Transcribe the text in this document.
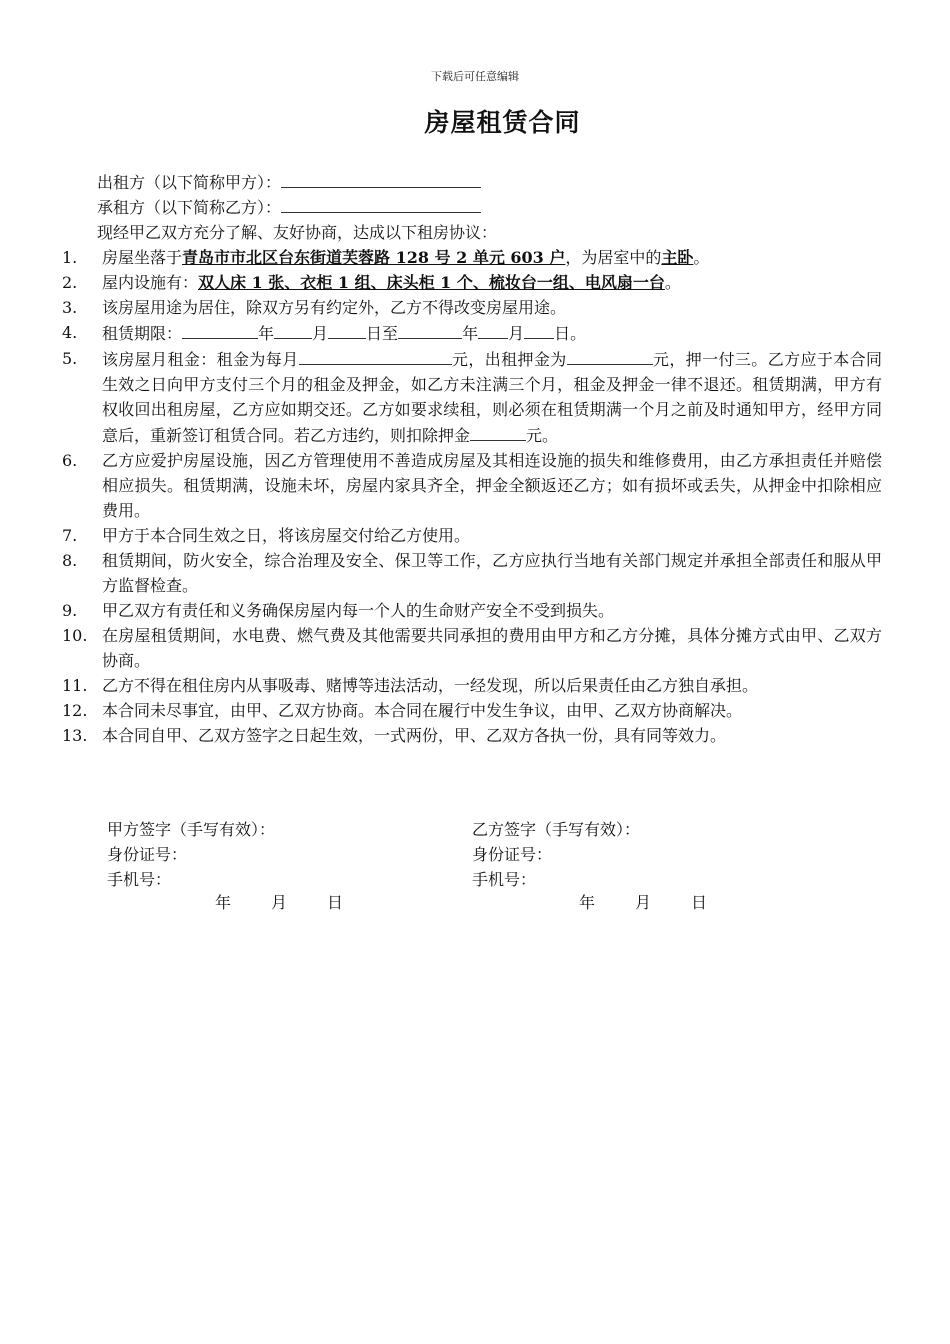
下载后可任意编辑
房屋租赁合同
出租方（以下简称甲方）：
承租方（以下简称乙方）：
现经甲乙双方充分了解、友好协商，达成以下租房协议：
1.	房屋坐落于青岛市市北区台东街道芙蓉路 128 号 2 单元 603 户，为居室中的主卧。
2.	屋内设施有：双人床 1 张、衣柜 1 组、床头柜 1 个、梳妆台一组、电风扇一台。
3.	该房屋用途为居住，除双方另有约定外，乙方不得改变房屋用途。
4.	租赁期限：	年 月 日至	年 月 日。
5.	该房屋月租金：租金为每月	元，出租押金为	元，押一付三。乙方应于本合同生效之日向甲方支付三个月的租金及押金，如乙方未注满三个月，租金及押金一律不退还。租赁期满，甲方有权收回出租房屋，乙方应如期交还。乙方如要求续租，则必须在租赁期满一个月之前及时通知甲方，经甲方同意后，重新签订租赁合同。若乙方违约，则扣除押金	元。
6.	乙方应爱护房屋设施，因乙方管理使用不善造成房屋及其相连设施的损失和维修费用，由乙方承担责任并赔偿相应损失。租赁期满，设施未坏，房屋内家具齐全，押金全额返还乙方；如有损坏或丢失，从押金中扣除相应费用。
7.	甲方于本合同生效之日，将该房屋交付给乙方使用。
8.	租赁期间，防火安全，综合治理及安全、保卫等工作，乙方应执行当地有关部门规定并承担全部责任和服从甲方监督检查。
9.	甲乙双方有责任和义务确保房屋内每一个人的生命财产安全不受到损失。
10. 在房屋租赁期间，水电费、燃气费及其他需要共同承担的费用由甲方和乙方分摊，具体分摊方式由甲、乙双方协商。
11. 乙方不得在租住房内从事吸毒、赌博等违法活动，一经发现，所以后果责任由乙方独自承担。
12. 本合同未尽事宜，由甲、乙双方协商。本合同在履行中发生争议，由甲、乙双方协商解决。
13. 本合同自甲、乙双方签字之日起生效，一式两份，甲、乙双方各执一份，具有同等效力。
甲方签字（手写有效）：
身份证号：
手机号：
乙方签字（手写有效）：
身份证号：
手机号：
年	月	日	年	月	日
